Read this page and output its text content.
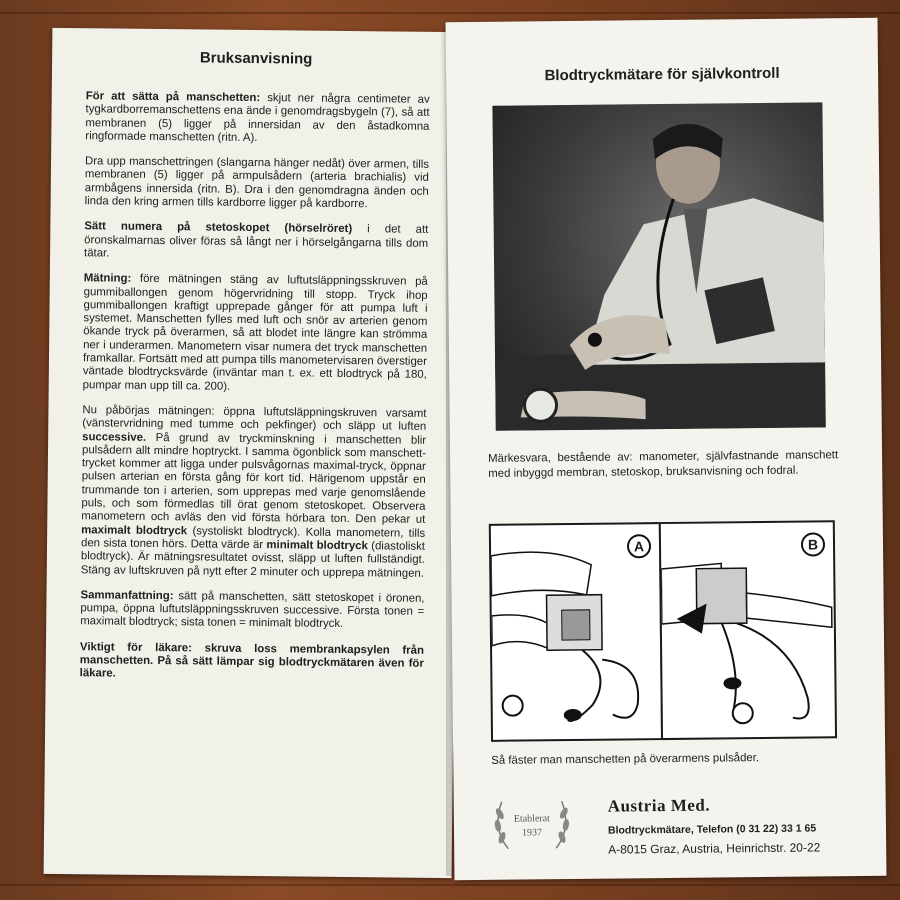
Bruksanvisning

För att sätta på manschetten: skjut ner några centimeter av tygkardborremanschettens ena ände i genomdragsbygeln (7), så att membranen (5) ligger på innersidan av den åstadkomna ringformade manschetten (ritn. A).

Dra upp manschettringen (slangarna hänger nedåt) över armen, tills membranen (5) ligger på armpulsådern (arteria brachialis) vid armbågens innersida (ritn. B). Dra i den genomdragna änden och linda den kring armen tills kardborre ligger på kardborre.

Sätt numera på stetoskopet (hörselröret) i det att öronskalmarnas oliver föras så långt ner i hörselgångarna tills dom tätar.

Mätning: före mätningen stäng av luftutsläppningsskruven på gummiballongen genom högervridning till stopp. Tryck ihop gummiballongen kraftigt upprepade gånger för att pumpa luft i systemet. Manschetten fylles med luft och snör av arterien genom ökande tryck på överarmen, så att blodet inte längre kan strömma ner i underarmen. Manometern visar numera det tryck manschetten framkallar. Fortsätt med att pumpa tills manometervisaren överstiger väntade blodtrycksvärde (inväntar man t. ex. ett blodtryck på 180, pumpar man upp till ca. 200).

Nu påbörjas mätningen: öppna luftutsläppningskruven varsamt (vänstervridning med tumme och pekfinger) och släpp ut luften successive. På grund av tryckminskning i manschetten blir pulsådern allt mindre hoptryckt. I samma ögonblick som manschett-trycket kommer att ligga under pulsvågornas maximal-tryck, öppnar pulsen arterian en första gång för kort tid. Härigenom uppstår en trummande ton i arterien, som upprepas med varje genomslående puls, och som förmedlas till örat genom stetoskopet. Observera manometern och avläs den vid första hörbara ton. Den pekar ut maximalt blodtryck (systoliskt blodtryck). Kolla manometern, tills den sista tonen hörs. Detta värde är minimalt blodtryck (diastoliskt blodtryck). Är mätningsresultatet ovisst, släpp ut luften fullständigt. Stäng av luftskruven på nytt efter 2 minuter och upprepa mätningen.

Sammanfattning: sätt på manschetten, sätt stetoskopet i öronen, pumpa, öppna luftutsläppningsskruven successive. Första tonen = maximalt blodtryck; sista tonen = minimalt blodtryck.

Viktigt för läkare: skruva loss membrankapsylen från manschetten. På så sätt lämpar sig blodtryckmätaren även för läkare.

Blodtryckmätare för självkontroll
Märkesvara, bestående av: manometer, självfastnande manschett med inbyggd membran, stetoskop, bruksanvisning och fodral.
A	B
Så fäster man manschetten på överarmens pulsåder.
Etablerat
1937
Austria Med.
Blodtryckmätare, Telefon (0 31 22) 33 1 65
A-8015 Graz, Austria, Heinrichstr. 20-22
